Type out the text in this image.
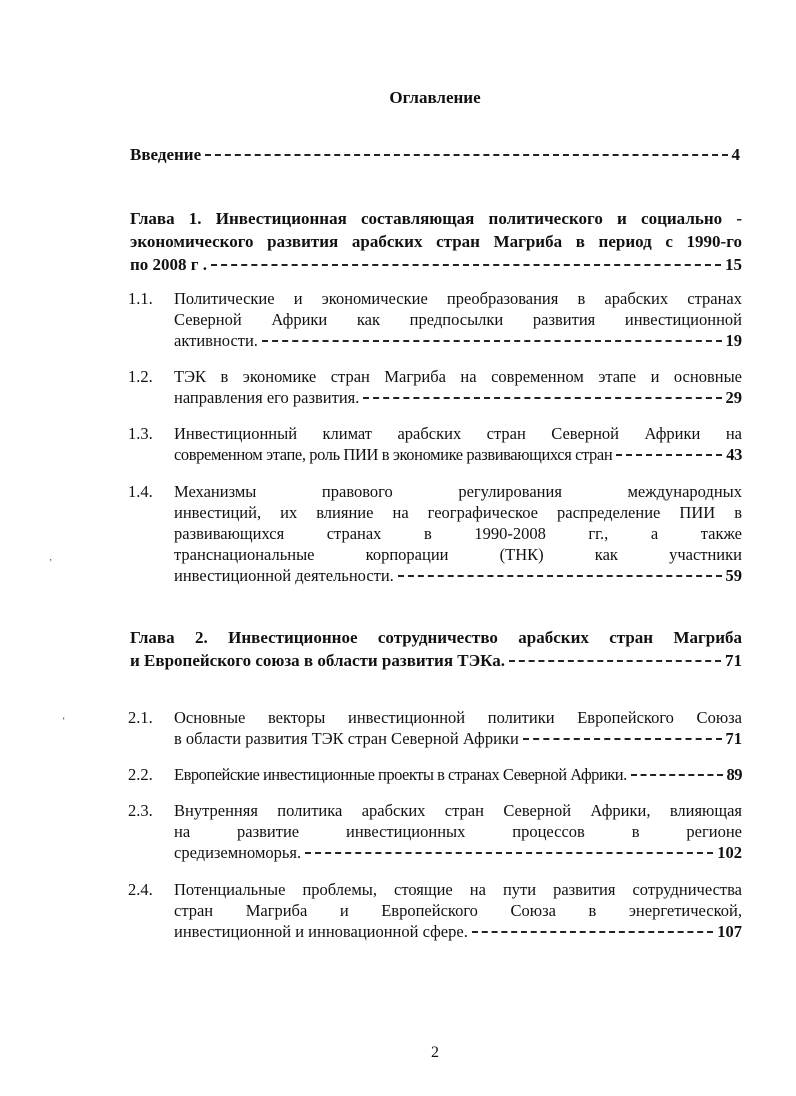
Оглавление
Введение	4
Глава 1. Инвестиционная составляющая политического и социально -
экономического развития арабских стран Магриба в период с 1990-го
по 2008 г .	15
1.1. Политические и экономические преобразования в арабских странах
Северной Африки как предпосылки развития инвестиционной
активности.	19
1.2. ТЭК в экономике стран Магриба на современном этапе и основные
направления его развития.	29
1.3. Инвестиционный климат арабских стран Северной Африки на
современном этапе, роль ПИИ в экономике развивающихся стран	43
1.4. Механизмы правового регулирования международных
инвестиций, их влияние на географическое распределение ПИИ в
развивающихся странах в 1990-2008 гг., а также
транснациональные корпорации (ТНК) как участники
инвестиционной деятельности.	59
Глава 2. Инвестиционное сотрудничество арабских стран Магриба
и Европейского союза в области развития ТЭКа.	71
2.1. Основные векторы инвестиционной политики Европейского Союза
в области развития ТЭК стран Северной Африки	71
2.2. Европейские инвестиционные проекты в странах Северной Африки.	89
2.3. Внутренняя политика арабских стран Северной Африки, влияющая
на развитие инвестиционных процессов в регионе
средиземноморья.	102
2.4. Потенциальные проблемы, стоящие на пути развития сотрудничества
стран Магриба и Европейского Союза в энергетической,
инвестиционной и инновационной сфере.	107
2
’
‘
